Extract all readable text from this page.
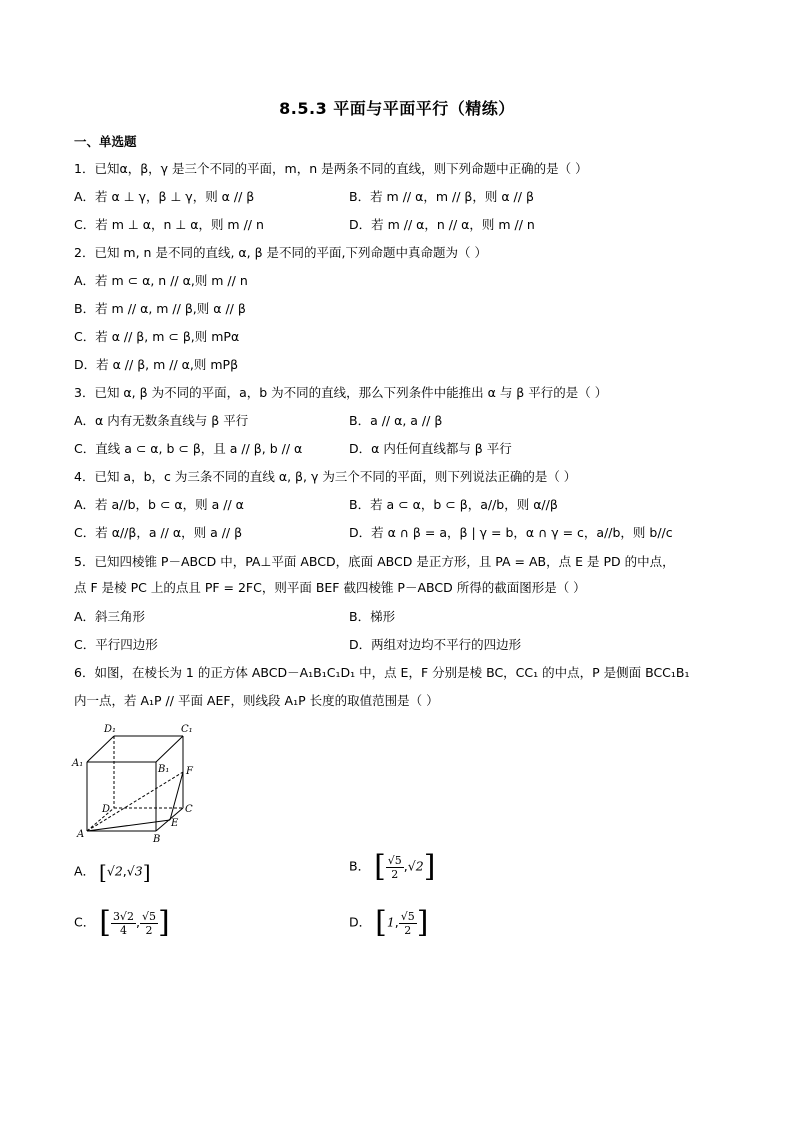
8.5.3 平面与平面平行（精练）
一、单选题
1．已知α，β，γ 是三个不同的平面，m，n 是两条不同的直线，则下列命题中正确的是（ ）
A．若 α ⊥ γ，β ⊥ γ，则 α // β	B．若 m // α，m // β，则 α // β
C．若 m ⊥ α，n ⊥ α，则 m // n	D．若 m // α，n // α，则 m // n
2．已知 m, n 是不同的直线, α, β 是不同的平面,下列命题中真命题为（ ）
A．若 m ⊂ α, n // α,则 m // n
B．若 m // α, m // β,则 α // β
C．若 α // β, m ⊂ β,则 mPα
D．若 α // β, m // α,则 mPβ
3．已知 α, β 为不同的平面，a，b 为不同的直线，那么下列条件中能推出 α 与 β 平行的是（ ）
A．α 内有无数条直线与 β 平行	B．a // α, a // β
C．直线 a ⊂ α, b ⊂ β，且 a // β, b // α	D．α 内任何直线都与 β 平行
4．已知 a，b，c 为三条不同的直线 α, β, γ 为三个不同的平面，则下列说法正确的是（ ）
A．若 a//b，b ⊂ α，则 a // α	B．若 a ⊂ α，b ⊂ β，a//b，则 α//β
C．若 α//β，a // α，则 a // β	D．若 α ∩ β = a，β | γ = b，α ∩ γ = c，a//b，则 b//c
5．已知四棱锥 P－ABCD 中，PA⊥平面 ABCD，底面 ABCD 是正方形，且 PA = AB，点 E 是 PD 的中点，
点 F 是棱 PC 上的点且 PF = 2FC，则平面 BEF 截四棱锥 P－ABCD 所得的截面图形是（ ）
A．斜三角形	B．梯形
C．平行四边形	D．两组对边均不平行的四边形
6．如图，在棱长为 1 的正方体 ABCD－A₁B₁C₁D₁ 中，点 E，F 分别是棱 BC，CC₁ 的中点，P 是侧面 BCC₁B₁
内一点，若 A₁P // 平面 AEF，则线段 A₁P 长度的取值范围是（ ）
D₁	C₁
A₁
B₁ F
D	C
E
A	B
A． [√2,√3]	B． [ $\frac{√5}{2} ,√2$]
C． [ $\frac{3√2}{4}$ , $\frac{√5}{2}$ ]	D． [1, $\frac{√5}{2}$ ]
